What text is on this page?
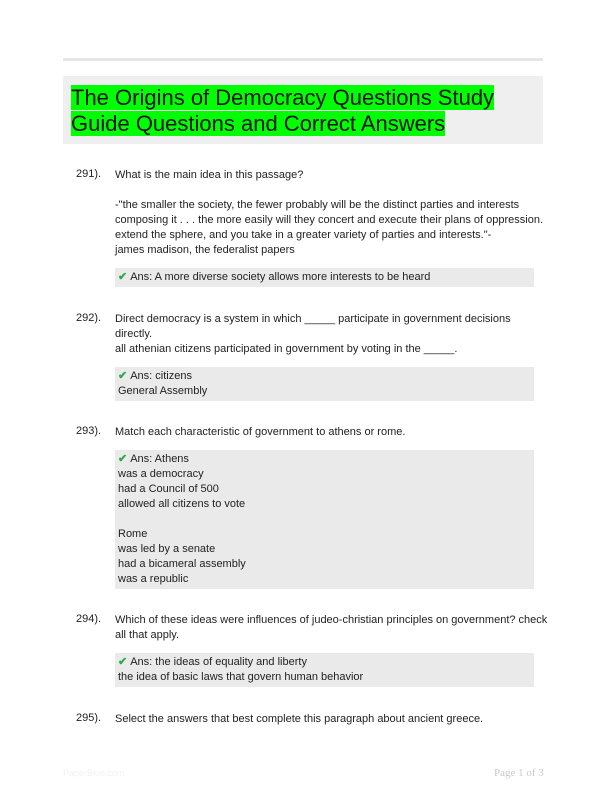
The Origins of Democracy Questions Study Guide Questions and Correct Answers
291). What is the main idea in this passage?
-"the smaller the society, the fewer probably will be the distinct parties and interests
composing it . . . the more easily will they concert and execute their plans of oppression.
extend the sphere, and you take in a greater variety of parties and interests."-
james madison, the federalist papers
✔ Ans: A more diverse society allows more interests to be heard
292). Direct democracy is a system in which _____ participate in government decisions directly.
all athenian citizens participated in government by voting in the _____.
✔ Ans: citizens
General Assembly
293). Match each characteristic of government to athens or rome.
✔ Ans: Athens
was a democracy
had a Council of 500
allowed all citizens to vote
Rome
was led by a senate
had a bicameral assembly
was a republic
294). Which of these ideas were influences of judeo-christian principles on government? check
all that apply.
✔ Ans: the ideas of equality and liberty
the idea of basic laws that govern human behavior
295). Select the answers that best complete this paragraph about ancient greece.
PaperBlue.com	Page 1 of 3
